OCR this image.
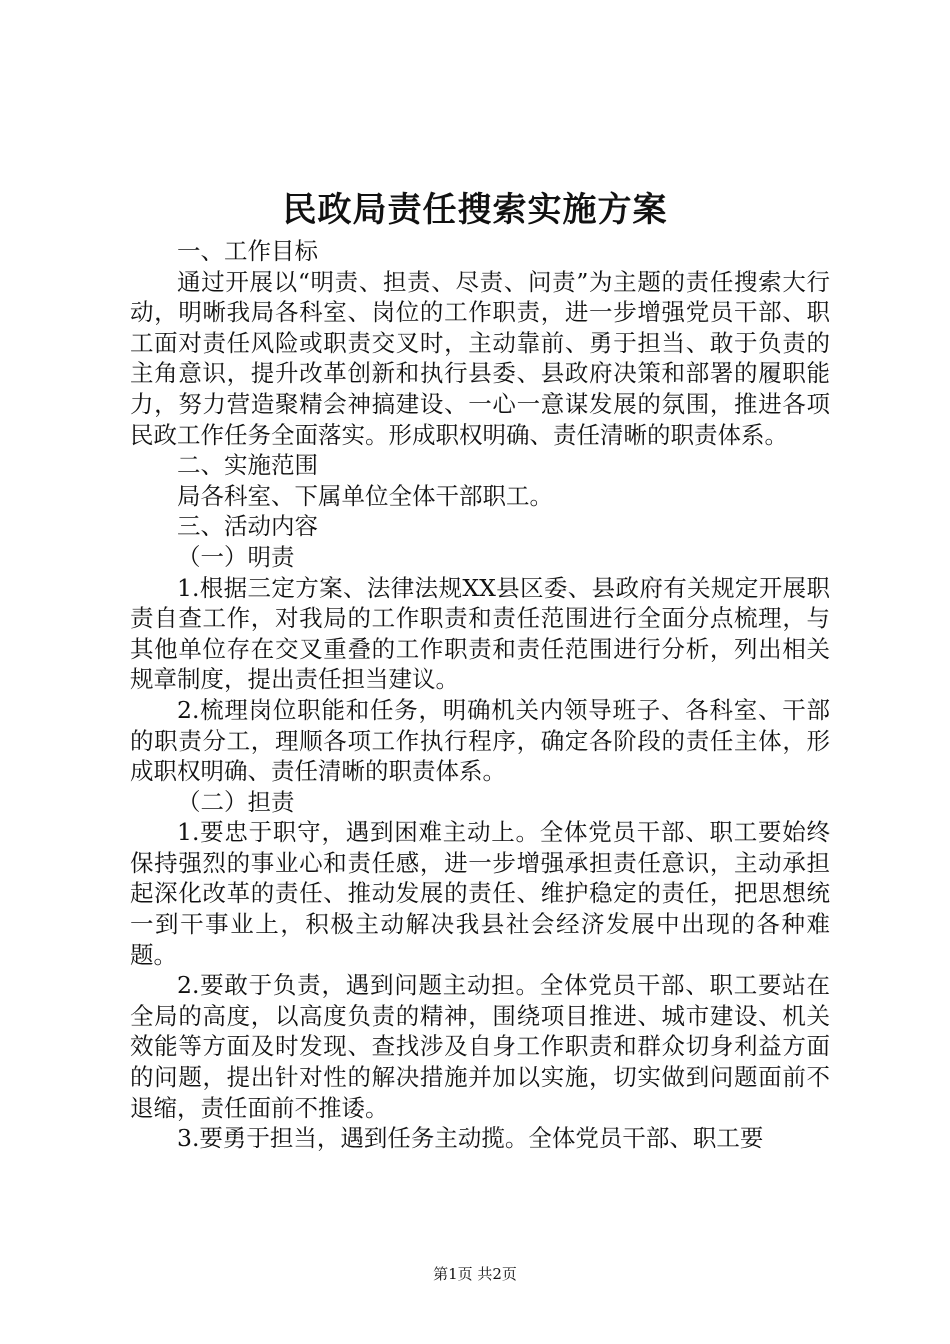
民政局责任搜索实施方案

一、工作目标

通过开展以“明责、担责、尽责、问责”为主题的责任搜索大行动，明晰我局各科室、岗位的工作职责，进一步增强党员干部、职工面对责任风险或职责交叉时，主动靠前、勇于担当、敢于负责的主角意识，提升改革创新和执行县委、县政府决策和部署的履职能力，努力营造聚精会神搞建设、一心一意谋发展的氛围，推进各项民政工作任务全面落实。形成职权明确、责任清晰的职责体系。

二、实施范围

局各科室、下属单位全体干部职工。

三、活动内容

（一）明责

1.根据三定方案、法律法规XX县区委、县政府有关规定开展职责自查工作，对我局的工作职责和责任范围进行全面分点梳理，与其他单位存在交叉重叠的工作职责和责任范围进行分析，列出相关规章制度，提出责任担当建议。

2.梳理岗位职能和任务，明确机关内领导班子、各科室、干部的职责分工，理顺各项工作执行程序，确定各阶段的责任主体，形成职权明确、责任清晰的职责体系。

（二）担责

1.要忠于职守，遇到困难主动上。全体党员干部、职工要始终保持强烈的事业心和责任感，进一步增强承担责任意识，主动承担起深化改革的责任、推动发展的责任、维护稳定的责任，把思想统一到干事业上，积极主动解决我县社会经济发展中出现的各种难题。

2.要敢于负责，遇到问题主动担。全体党员干部、职工要站在全局的高度，以高度负责的精神，围绕项目推进、城市建设、机关效能等方面及时发现、查找涉及自身工作职责和群众切身利益方面的问题，提出针对性的解决措施并加以实施，切实做到问题面前不退缩，责任面前不推诿。

3.要勇于担当，遇到任务主动揽。全体党员干部、职工要

第1页 共2页
